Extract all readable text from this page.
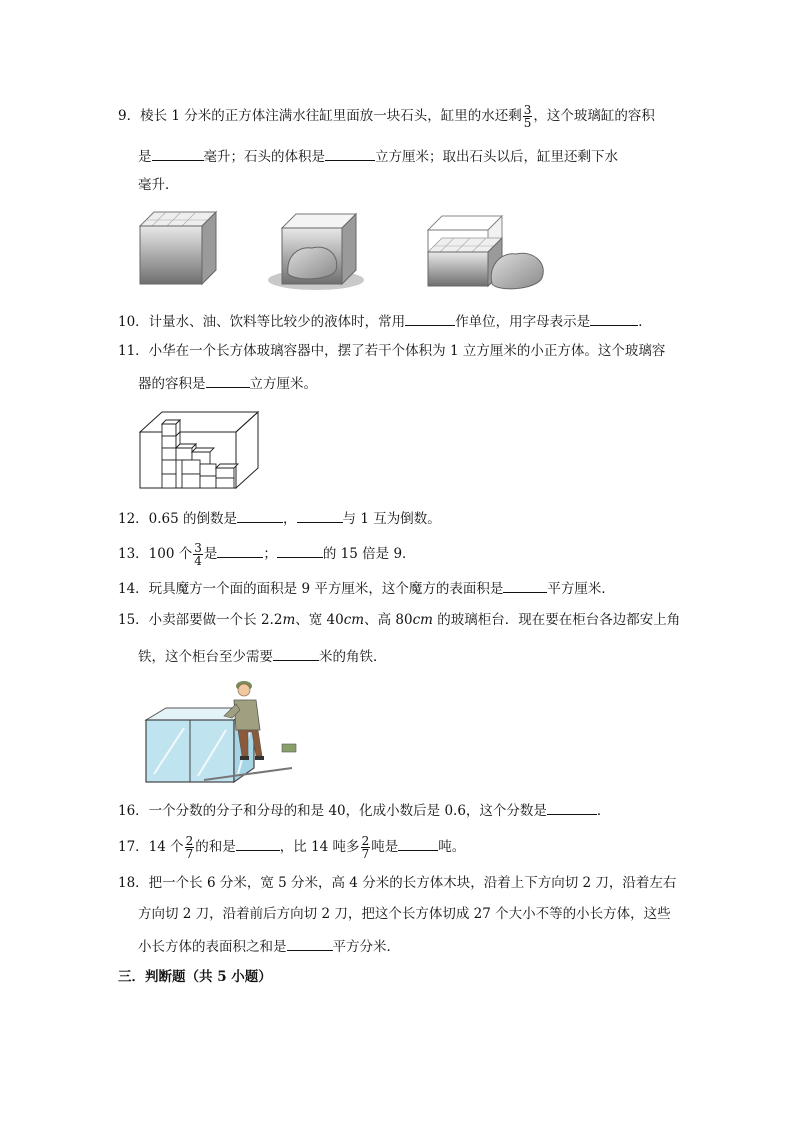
9．棱长 1 分米的正方体注满水往缸里面放一块石头，缸里的水还剩 $\frac{3}{5}$ ，这个玻璃缸的容积
是	毫升；石头的体积是	立方厘米；取出石头以后，缸里还剩下水
毫升．
10．计量水、油、饮料等比较少的液体时，常用	作单位，用字母表示是	．
11．小华在一个长方体玻璃容器中，摆了若干个体积为 1 立方厘米的小正方体。这个玻璃容
器的容积是	立方厘米。
12．0.65 的倒数是	，	与 1 互为倒数。
13．100 个 $\frac{3}{4}$ 是	；	的 15 倍是 9．
14．玩具魔方一个面的面积是 9 平方厘米，这个魔方的表面积是	平方厘米．
15．小卖部要做一个长 2.2m、宽 40cm、高 80cm 的玻璃柜台．现在要在柜台各边都安上角
铁，这个柜台至少需要	米的角铁．
16．一个分数的分子和分母的和是 40，化成小数后是 0.6，这个分数是	．
17．14 个 $\frac{2}{7}$ 的和是	，比 14 吨多 $\frac{2}{7}$ 吨是	吨。
18．把一个长 6 分米，宽 5 分米，高 4 分米的长方体木块，沿着上下方向切 2 刀，沿着左右
方向切 2 刀，沿着前后方向切 2 刀，把这个长方体切成 27 个大小不等的小长方体，这些
小长方体的表面积之和是	平方分米．
三．判断题（共 5 小题）
